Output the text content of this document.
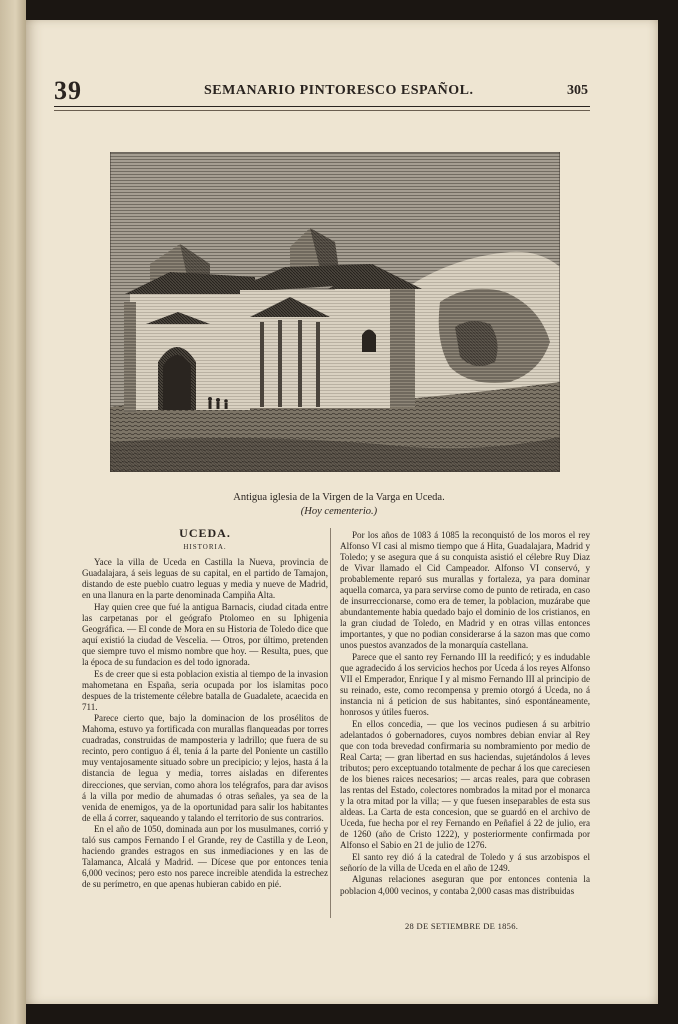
39	SEMANARIO PINTORESCO ESPAÑOL.	305
Antigua iglesia de la Virgen de la Varga en Uceda.
(Hoy cementerio.)

UCEDA.

HISTORIA.

Yace la villa de Uceda en Castilla la Nueva, provincia de Guadalajara, á seis leguas de su capital, en el partido de Tamajon, distando de este pueblo cuatro leguas y media y nueve de Madrid, en una llanura en la parte denominada Campiña Alta.

Hay quien cree que fué la antigua Barnacis, ciudad citada entre las carpetanas por el geógrafo Ptolomeo en su Iphigenia Geográfica. — El conde de Mora en su Historia de Toledo dice que aquí existió la ciudad de Vescelia. — Otros, por último, pretenden que siempre tuvo el mismo nombre que hoy. — Resulta, pues, que la época de su fundacion es del todo ignorada.

Es de creer que si esta poblacion existia al tiempo de la invasion mahometana en España, seria ocupada por los islamitas poco despues de la tristemente célebre batalla de Guadalete, acaecida en 711.

Parece cierto que, bajo la dominacion de los prosélitos de Mahoma, estuvo ya fortificada con murallas flanqueadas por torres cuadradas, construidas de mamposteria y ladrillo; que fuera de su recinto, pero contiguo á él, tenia á la parte del Poniente un castillo muy ventajosamente situado sobre un precipicio; y lejos, hasta á la distancia de legua y media, torres aisladas en diferentes direcciones, que servian, como ahora los telégrafos, para dar avisos á la villa por medio de ahumadas ó otras señales, ya sea de la venida de enemigos, ya de la oportunidad para salir los habitantes de ella á correr, saqueando y talando el territorio de sus contrarios.

En el año de 1050, dominada aun por los musulmanes, corrió y taló sus campos Fernando I el Grande, rey de Castilla y de Leon, haciendo grandes estragos en sus inmediaciones y en las de Talamanca, Alcalá y Madrid. — Dícese que por entonces tenia 6,000 vecinos; pero esto nos parece increible atendida la estrechez de su perímetro, en que apenas hubieran cabido en pié.

Por los años de 1083 á 1085 la reconquistó de los moros el rey Alfonso VI casi al mismo tiempo que á Hita, Guadalajara, Madrid y Toledo; y se asegura que á su conquista asistió el célebre Ruy Diaz de Vivar llamado el Cid Campeador. Alfonso VI conservó, y probablemente reparó sus murallas y fortaleza, ya para dominar aquella comarca, ya para servirse como de punto de retirada, en caso de insurreccionarse, como era de temer, la poblacion, muzárabe que abundantemente habia quedado bajo el dominio de los cristianos, en la gran ciudad de Toledo, en Madrid y en otras villas entonces importantes, y que no podian considerarse á la sazon mas que como unos puestos avanzados de la monarquía castellana.

Parece que el santo rey Fernando III la reedificó; y es indudable que agradecido á los servicios hechos por Uceda á los reyes Alfonso VII el Emperador, Enrique I y al mismo Fernando III al principio de su reinado, este, como recompensa y premio otorgó á Uceda, no á instancia ni á peticion de sus habitantes, sinó espontáneamente, honrosos y útiles fueros.

En ellos concedia, — que los vecinos pudiesen á su arbitrio adelantados ó gobernadores, cuyos nombres debian enviar al Rey que con toda brevedad confirmaria su nombramiento por medio de Real Carta; — gran libertad en sus haciendas, sujetándolos á leves tributos; pero exceptuando totalmente de pechar á los que careciesen de los bienes raices necesarios; — arcas reales, para que cobrasen las rentas del Estado, colectores nombrados la mitad por el monarca y la otra mitad por la villa; — y que fuesen inseparables de esta sus aldeas. La Carta de esta concesion, que se guardó en el archivo de Uceda, fue hecha por el rey Fernando en Peñafiel á 22 de julio, era de 1260 (año de Cristo 1222), y posteriormente confirmada por Alfonso el Sabio en 21 de julio de 1276.

El santo rey dió á la catedral de Toledo y á sus arzobispos el señorío de la villa de Uceda en el año de 1249.

Algunas relaciones aseguran que por entonces contenia la poblacion 4,000 vecinos, y contaba 2,000 casas mas distribuidas

28 DE SETIEMBRE DE 1856.
